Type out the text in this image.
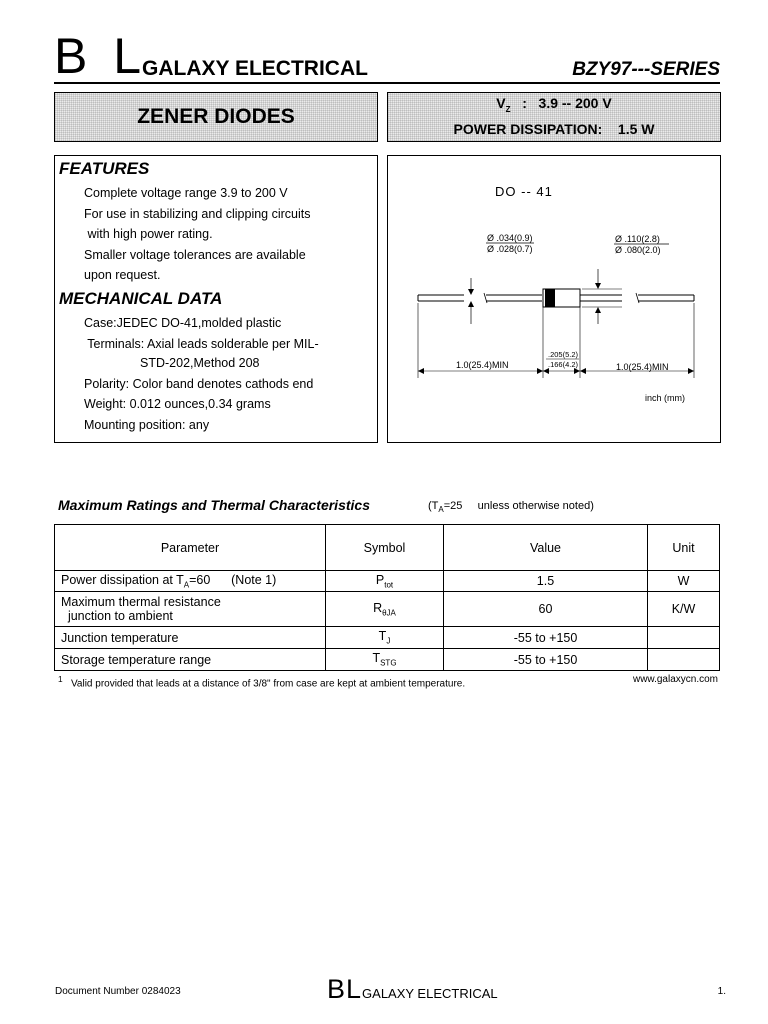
B L
GALAXY ELECTRICAL	BZY97---SERIES
ZENER DIODES
$V_Z$ : 3.9 -- 200 V
POWER DISSIPATION: 1.5 W
FEATURES
Complete voltage range 3.9 to 200 V
For use in stabilizing and clipping circuits
with high power rating.
Smaller voltage tolerances are available
upon request.
MECHANICAL DATA
Case:JEDEC DO-41,molded plastic
Terminals: Axial leads solderable per MIL-
STD-202,Method 208
Polarity: Color band denotes cathods end
Weight: 0.012 ounces,0.34 grams
Mounting position: any
DO -- 41
Ø .034(0.9)
Ø .028(0.7)
Ø .110(2.8)
Ø .080(2.0)
1.0(25.4)MIN	1.0(25.4)MIN
.205(5.2)
.166(4.2)
inch (mm)
Maximum Ratings and Thermal Characteristics	($T_A=25$     unless otherwise noted)
Parameter	Symbol	Value	Unit
Power dissipation at $T_A=60$      (Note 1)	$P_{tot}$	1.5	W

Maximum thermal resistance
junction to ambient	$R_{\theta JA}$	60	K/W
Junction temperature	$T_J$	-55 to +150	
Storage temperature range	$T_{STG}$	-55 to +150	
$^1$ Valid provided that leads at a distance of 3/8" from case are kept at ambient temperature.	www.galaxycn.com
Document Number 0284023	BLGALAXY ELECTRICAL	1.
